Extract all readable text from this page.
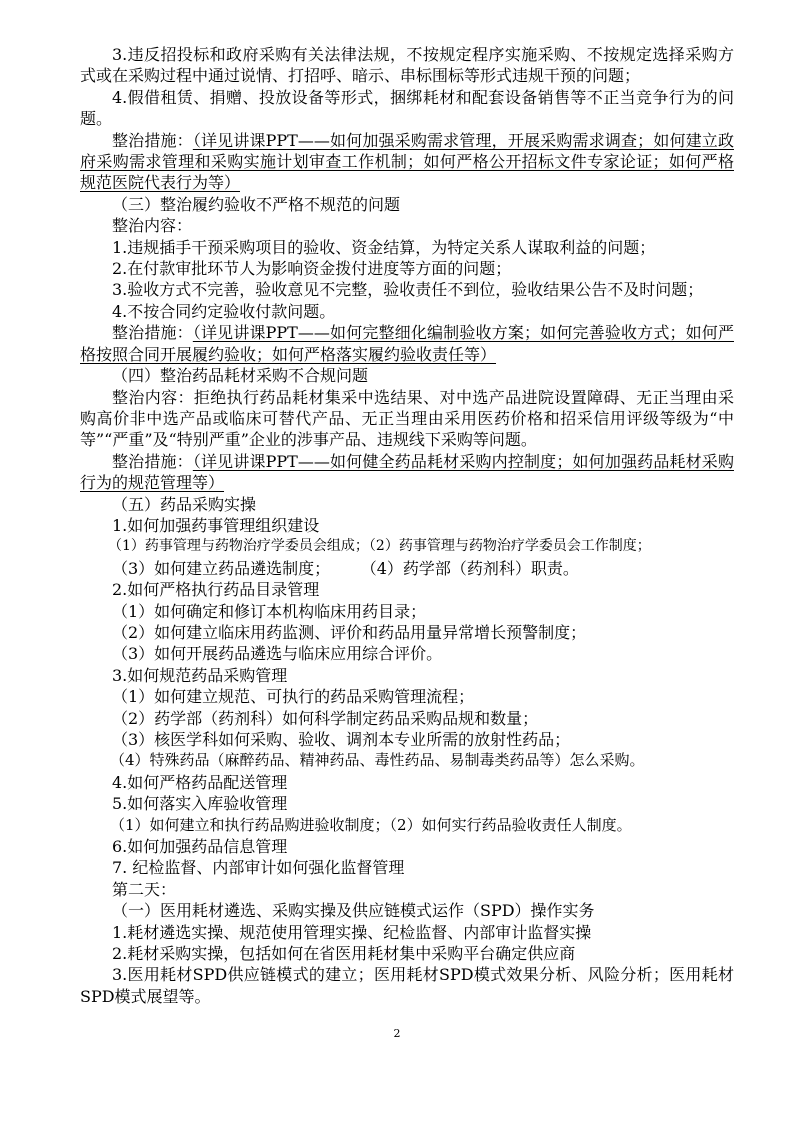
3.违反招投标和政府采购有关法律法规，不按规定程序实施采购、不按规定选择采购方式或在采购过程中通过说情、打招呼、暗示、串标围标等形式违规干预的问题；

4.假借租赁、捐赠、投放设备等形式，捆绑耗材和配套设备销售等不正当竞争行为的问题。

整治措施：（详见讲课PPT——如何加强采购需求管理，开展采购需求调查；如何建立政府采购需求管理和采购实施计划审查工作机制；如何严格公开招标文件专家论证；如何严格规范医院代表行为等）

（三）整治履约验收不严格不规范的问题

整治内容：

1.违规插手干预采购项目的验收、资金结算，为特定关系人谋取利益的问题；

2.在付款审批环节人为影响资金拨付进度等方面的问题；

3.验收方式不完善，验收意见不完整，验收责任不到位，验收结果公告不及时问题；

4.不按合同约定验收付款问题。

整治措施：（详见讲课PPT——如何完整细化编制验收方案；如何完善验收方式；如何严格按照合同开展履约验收；如何严格落实履约验收责任等）

（四）整治药品耗材采购不合规问题

整治内容：拒绝执行药品耗材集采中选结果、对中选产品进院设置障碍、无正当理由采购高价非中选产品或临床可替代产品、无正当理由采用医药价格和招采信用评级等级为“中等”“严重”及“特别严重”企业的涉事产品、违规线下采购等问题。

整治措施：（详见讲课PPT——如何健全药品耗材采购内控制度；如何加强药品耗材采购行为的规范管理等）

（五）药品采购实操

1.如何加强药事管理组织建设

（1）药事管理与药物治疗学委员会组成；（2）药事管理与药物治疗学委员会工作制度；

（3）如何建立药品遴选制度；      （4）药学部（药剂科）职责。

2.如何严格执行药品目录管理

（1）如何确定和修订本机构临床用药目录；

（2）如何建立临床用药监测、评价和药品用量异常增长预警制度；

（3）如何开展药品遴选与临床应用综合评价。

3.如何规范药品采购管理

（1）如何建立规范、可执行的药品采购管理流程；

（2）药学部（药剂科）如何科学制定药品采购品规和数量；

（3）核医学科如何采购、验收、调剂本专业所需的放射性药品；

（4）特殊药品（麻醉药品、精神药品、毒性药品、易制毒类药品等）怎么采购。

4.如何严格药品配送管理

5.如何落实入库验收管理

（1）如何建立和执行药品购进验收制度；（2）如何实行药品验收责任人制度。

6.如何加强药品信息管理

7. 纪检监督、内部审计如何强化监督管理

第二天：

（一）医用耗材遴选、采购实操及供应链模式运作（SPD）操作实务

1.耗材遴选实操、规范使用管理实操、纪检监督、内部审计监督实操

2.耗材采购实操，包括如何在省医用耗材集中采购平台确定供应商

3.医用耗材SPD供应链模式的建立；医用耗材SPD模式效果分析、风险分析；医用耗材SPD模式展望等。

2
